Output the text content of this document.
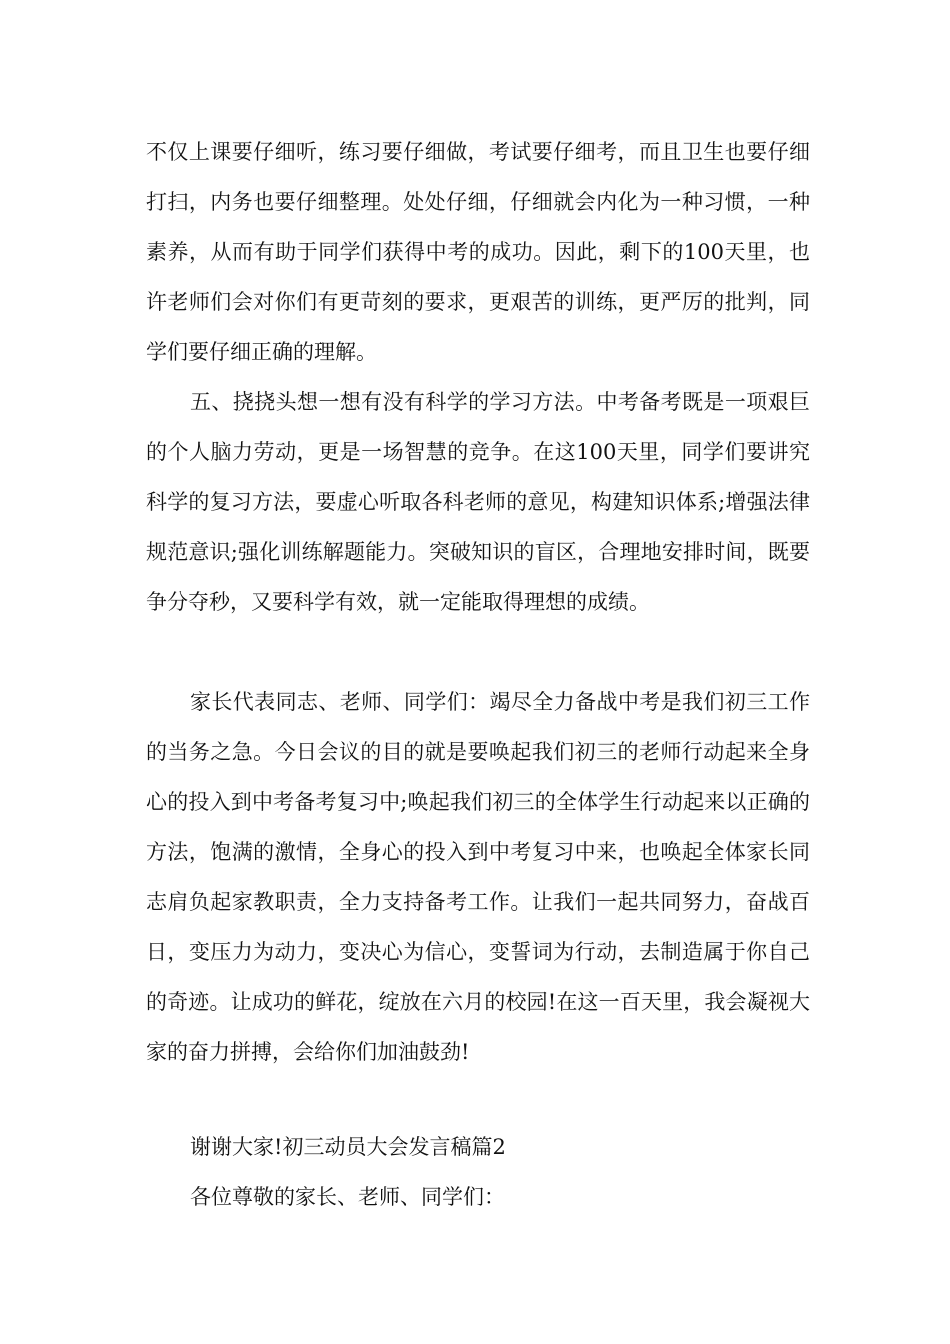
不仅上课要仔细听，练习要仔细做，考试要仔细考，而且卫生也要仔细打扫，内务也要仔细整理。处处仔细，仔细就会内化为一种习惯，一种素养，从而有助于同学们获得中考的成功。因此，剩下的100天里，也许老师们会对你们有更苛刻的要求，更艰苦的训练，更严厉的批判，同学们要仔细正确的理解。

五、挠挠头想一想有没有科学的学习方法。中考备考既是一项艰巨的个人脑力劳动，更是一场智慧的竞争。在这100天里，同学们要讲究科学的复习方法，要虚心听取各科老师的意见，构建知识体系;增强法律规范意识;强化训练解题能力。突破知识的盲区，合理地安排时间，既要争分夺秒，又要科学有效，就一定能取得理想的成绩。

家长代表同志、老师、同学们：竭尽全力备战中考是我们初三工作的当务之急。今日会议的目的就是要唤起我们初三的老师行动起来全身心的投入到中考备考复习中;唤起我们初三的全体学生行动起来以正确的方法，饱满的激情，全身心的投入到中考复习中来，也唤起全体家长同志肩负起家教职责，全力支持备考工作。让我们一起共同努力，奋战百日，变压力为动力，变决心为信心，变誓词为行动，去制造属于你自己的奇迹。让成功的鲜花，绽放在六月的校园!在这一百天里，我会凝视大家的奋力拼搏，会给你们加油鼓劲!

谢谢大家!初三动员大会发言稿篇2

各位尊敬的家长、老师、同学们：
